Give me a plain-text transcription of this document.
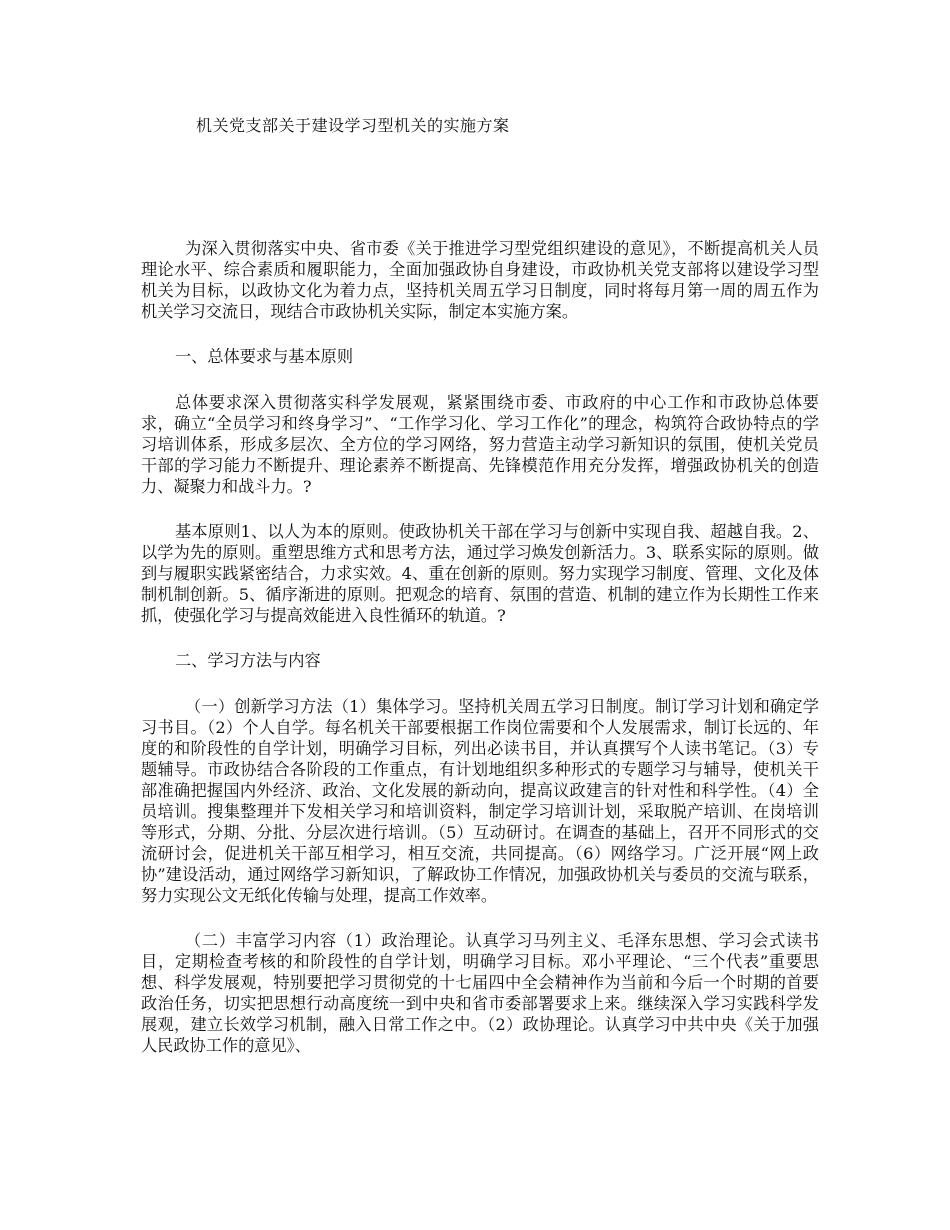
机关党支部关于建设学习型机关的实施方案

为深入贯彻落实中央、省市委《关于推进学习型党组织建设的意见》，不断提高机关人员理论水平、综合素质和履职能力，全面加强政协自身建设，市政协机关党支部将以建设学习型机关为目标，以政协文化为着力点，坚持机关周五学习日制度，同时将每月第一周的周五作为机关学习交流日，现结合市政协机关实际，制定本实施方案。

一、总体要求与基本原则

总体要求深入贯彻落实科学发展观，紧紧围绕市委、市政府的中心工作和市政协总体要求，确立“全员学习和终身学习”、“工作学习化、学习工作化”的理念，构筑符合政协特点的学习培训体系，形成多层次、全方位的学习网络，努力营造主动学习新知识的氛围，使机关党员干部的学习能力不断提升、理论素养不断提高、先锋模范作用充分发挥，增强政协机关的创造力、凝聚力和战斗力。?

基本原则1、以人为本的原则。使政协机关干部在学习与创新中实现自我、超越自我。2、以学为先的原则。重塑思维方式和思考方法，通过学习焕发创新活力。3、联系实际的原则。做到与履职实践紧密结合，力求实效。4、重在创新的原则。努力实现学习制度、管理、文化及体制机制创新。5、循序渐进的原则。把观念的培育、氛围的营造、机制的建立作为长期性工作来抓，使强化学习与提高效能进入良性循环的轨道。?

二、学习方法与内容

（一）创新学习方法（1）集体学习。坚持机关周五学习日制度。制订学习计划和确定学习书目。（2）个人自学。每名机关干部要根据工作岗位需要和个人发展需求，制订长远的、年度的和阶段性的自学计划，明确学习目标，列出必读书目，并认真撰写个人读书笔记。（3）专题辅导。市政协结合各阶段的工作重点，有计划地组织多种形式的专题学习与辅导，使机关干部准确把握国内外经济、政治、文化发展的新动向，提高议政建言的针对性和科学性。（4）全员培训。搜集整理并下发相关学习和培训资料，制定学习培训计划，采取脱产培训、在岗培训等形式，分期、分批、分层次进行培训。（5）互动研讨。在调查的基础上，召开不同形式的交流研讨会，促进机关干部互相学习，相互交流，共同提高。（6）网络学习。广泛开展“网上政协”建设活动，通过网络学习新知识，了解政协工作情况，加强政协机关与委员的交流与联系，努力实现公文无纸化传输与处理，提高工作效率。

（二）丰富学习内容（1）政治理论。认真学习马列主义、毛泽东思想、学习会式读书目，定期检查考核的和阶段性的自学计划，明确学习目标。邓小平理论、“三个代表”重要思想、科学发展观，特别要把学习贯彻党的十七届四中全会精神作为当前和今后一个时期的首要政治任务，切实把思想行动高度统一到中央和省市委部署要求上来。继续深入学习实践科学发展观，建立长效学习机制，融入日常工作之中。（2）政协理论。认真学习中共中央《关于加强人民政协工作的意见》、
